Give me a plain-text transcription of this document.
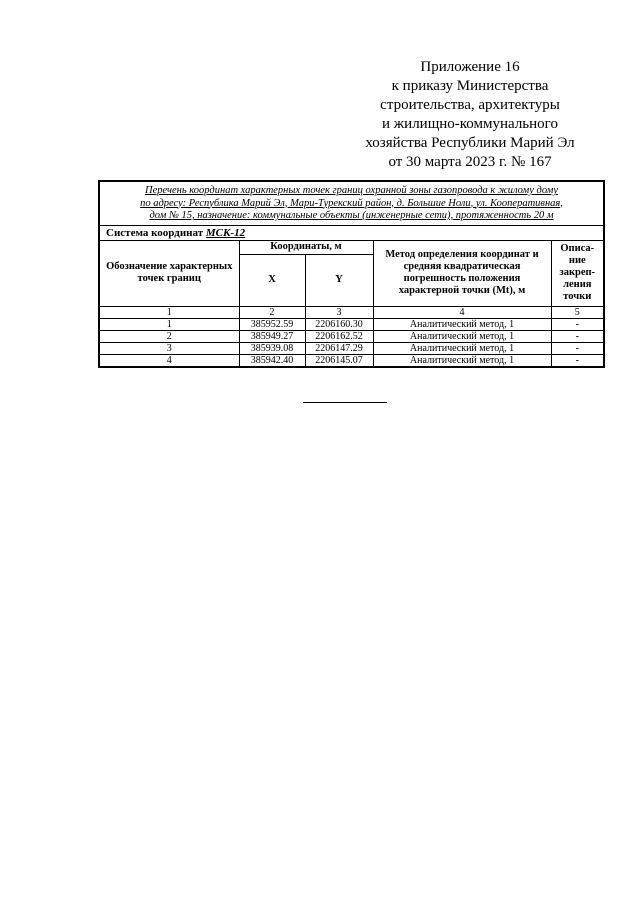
Приложение 16
к приказу Министерства
строительства, архитектуры
и жилищно-коммунального
хозяйства Республики Марий Эл
от 30 марта 2023 г. № 167
Перечень координат характерных точек границ охранной зоны газопровода к жилому дому
по адресу: Республика Марий Эл, Мари-Турекский район, д. Большие Ноли, ул. Кооперативная,
дом № 15, назначение: коммунальные объекты (инженерные сети), протяженность 20 м				

Система координат МСК-12				
Обозначение характерных точек границ	Координаты, м		Метод определения координат и средняя квадратическая погрешность положения характерной точки (Mt), м	Описа-ние закреп-ления точки
	X	Y		
1	2	3	4	5
1	385952.59	2206160.30	Аналитический метод, 1	-
2	385949.27	2206162.52	Аналитический метод, 1	-
3	385939.08	2206147.29	Аналитический метод, 1	-
4	385942.40	2206145.07	Аналитический метод, 1	-
